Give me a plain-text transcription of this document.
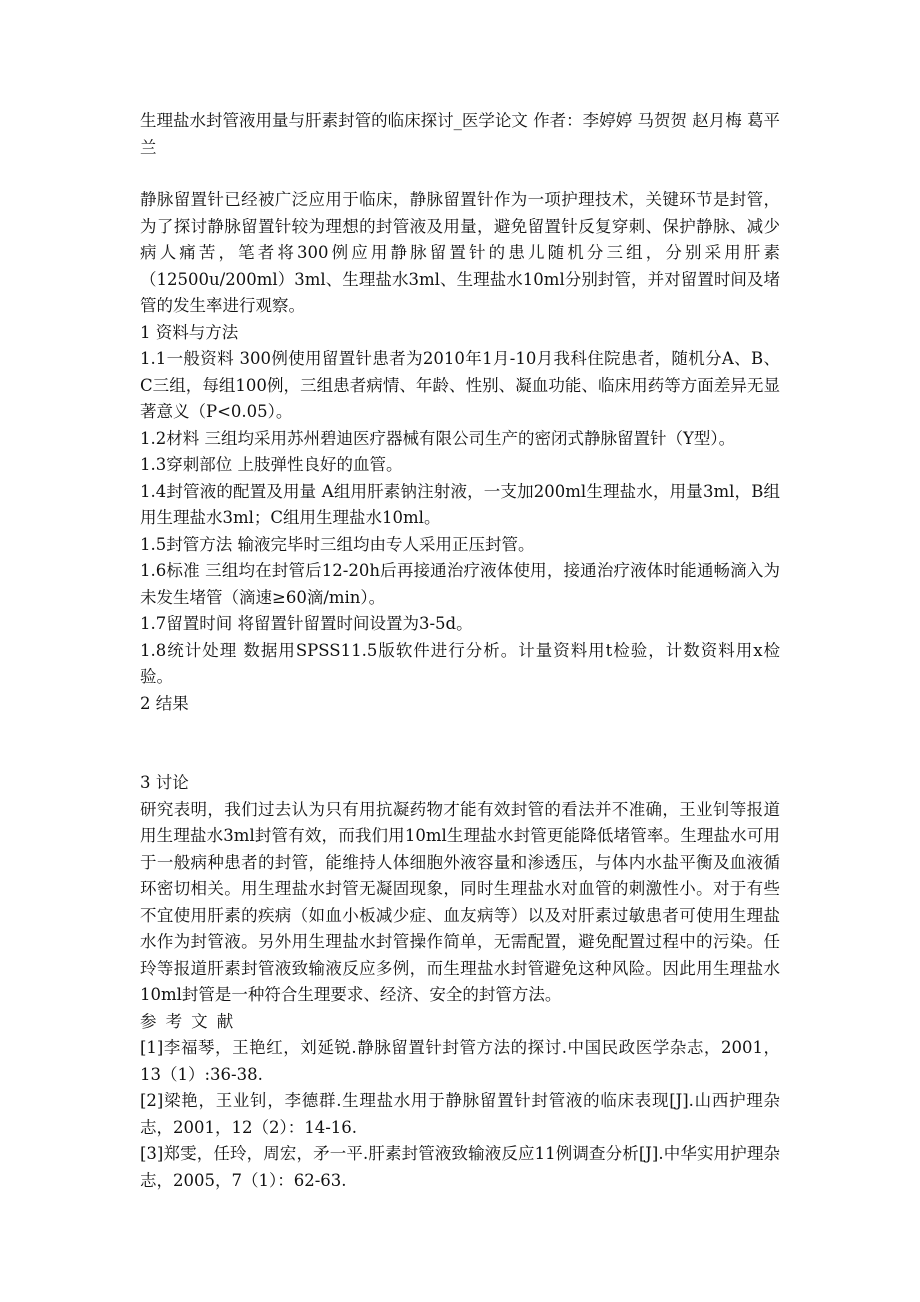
生理盐水封管液用量与肝素封管的临床探讨_医学论文 作者：李婷婷 马贺贺 赵月梅 葛平兰

静脉留置针已经被广泛应用于临床，静脉留置针作为一项护理技术，关键环节是封管，为了探讨静脉留置针较为理想的封管液及用量，避免留置针反复穿刺、保护静脉、减少病人痛苦，笔者将300例应用静脉留置针的患儿随机分三组，分别采用肝素（12500u/200ml）3ml、生理盐水3ml、生理盐水10ml分别封管，并对留置时间及堵管的发生率进行观察。

1 资料与方法

1.1一般资料 300例使用留置针患者为2010年1月-10月我科住院患者，随机分A、B、C三组，每组100例，三组患者病情、年龄、性别、凝血功能、临床用药等方面差异无显著意义（P<0.05）。

1.2材料 三组均采用苏州碧迪医疗器械有限公司生产的密闭式静脉留置针（Y型）。

1.3穿刺部位 上肢弹性良好的血管。

1.4封管液的配置及用量 A组用肝素钠注射液，一支加200ml生理盐水，用量3ml，B组用生理盐水3ml；C组用生理盐水10ml。

1.5封管方法 输液完毕时三组均由专人采用正压封管。

1.6标准 三组均在封管后12-20h后再接通治疗液体使用，接通治疗液体时能通畅滴入为未发生堵管（滴速≥60滴/min）。

1.7留置时间 将留置针留置时间设置为3-5d。

1.8统计处理 数据用SPSS11.5版软件进行分析。计量资料用t检验，计数资料用x检验。

2 结果

3 讨论

研究表明，我们过去认为只有用抗凝药物才能有效封管的看法并不准确，王业钊等报道用生理盐水3ml封管有效，而我们用10ml生理盐水封管更能降低堵管率。生理盐水可用于一般病种患者的封管，能维持人体细胞外液容量和渗透压，与体内水盐平衡及血液循环密切相关。用生理盐水封管无凝固现象，同时生理盐水对血管的刺激性小。对于有些不宜使用肝素的疾病（如血小板减少症、血友病等）以及对肝素过敏患者可使用生理盐水作为封管液。另外用生理盐水封管操作简单，无需配置，避免配置过程中的污染。任玲等报道肝素封管液致输液反应多例，而生理盐水封管避免这种风险。因此用生理盐水10ml封管是一种符合生理要求、经济、安全的封管方法。

参考文献

[1]李福琴，王艳红，刘延锐.静脉留置针封管方法的探讨.中国民政医学杂志，2001，13（1）:36-38.

[2]梁艳，王业钊，李德群.生理盐水用于静脉留置针封管液的临床表现[J].山西护理杂志，2001，12（2）：14-16.

[3]郑雯，任玲，周宏，矛一平.肝素封管液致输液反应11例调查分析[J].中华实用护理杂志，2005，7（1）：62-63.
